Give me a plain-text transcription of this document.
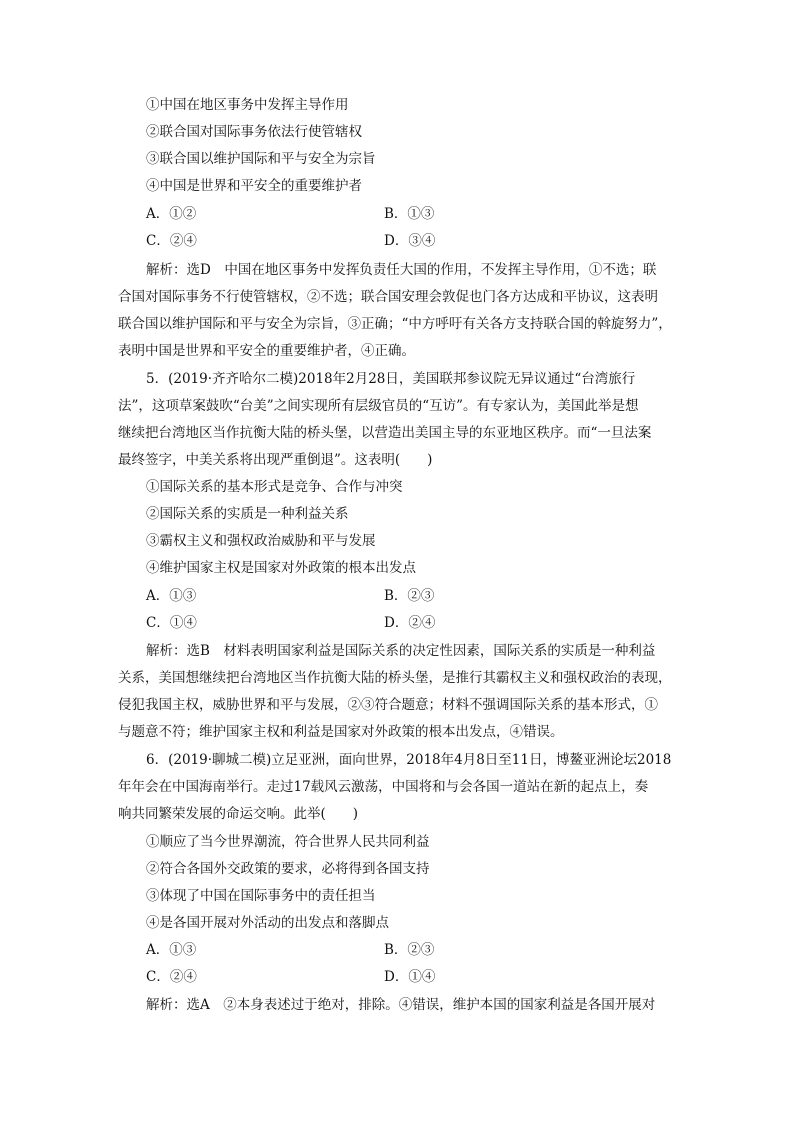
①中国在地区事务中发挥主导作用
②联合国对国际事务依法行使管辖权
③联合国以维护国际和平与安全为宗旨
④中国是世界和平安全的重要维护者
A．①②	B．①③
C．②④	D．③④
解析：选D　中国在地区事务中发挥负责任大国的作用，不发挥主导作用，①不选；联
合国对国际事务不行使管辖权，②不选；联合国安理会敦促也门各方达成和平协议，这表明
联合国以维护国际和平与安全为宗旨，③正确；“中方呼吁有关各方支持联合国的斡旋努力”，
表明中国是世界和平安全的重要维护者，④正确。
5．(2019·齐齐哈尔二模)2018年2月28日，美国联邦参议院无异议通过“台湾旅行
法”，这项草案鼓吹“台美”之间实现所有层级官员的“互访”。有专家认为，美国此举是想
继续把台湾地区当作抗衡大陆的桥头堡，以营造出美国主导的东亚地区秩序。而“一旦法案
最终签字，中美关系将出现严重倒退”。这表明(　　)
①国际关系的基本形式是竞争、合作与冲突
②国际关系的实质是一种利益关系
③霸权主义和强权政治威胁和平与发展
④维护国家主权是国家对外政策的根本出发点
A．①③	B．②③
C．①④	D．②④
解析：选B　材料表明国家利益是国际关系的决定性因素，国际关系的实质是一种利益
关系，美国想继续把台湾地区当作抗衡大陆的桥头堡，是推行其霸权主义和强权政治的表现，
侵犯我国主权，威胁世界和平与发展，②③符合题意；材料不强调国际关系的基本形式，①
与题意不符；维护国家主权和利益是国家对外政策的根本出发点，④错误。
6．(2019·聊城二模)立足亚洲，面向世界，2018年4月8日至11日，博鳌亚洲论坛2018
年年会在中国海南举行。走过17载风云激荡，中国将和与会各国一道站在新的起点上，奏
响共同繁荣发展的命运交响。此举(　　)
①顺应了当今世界潮流，符合世界人民共同利益
②符合各国外交政策的要求，必将得到各国支持
③体现了中国在国际事务中的责任担当
④是各国开展对外活动的出发点和落脚点
A．①③	B．②③
C．②④	D．①④
解析：选A　②本身表述过于绝对，排除。④错误，维护本国的国家利益是各国开展对
